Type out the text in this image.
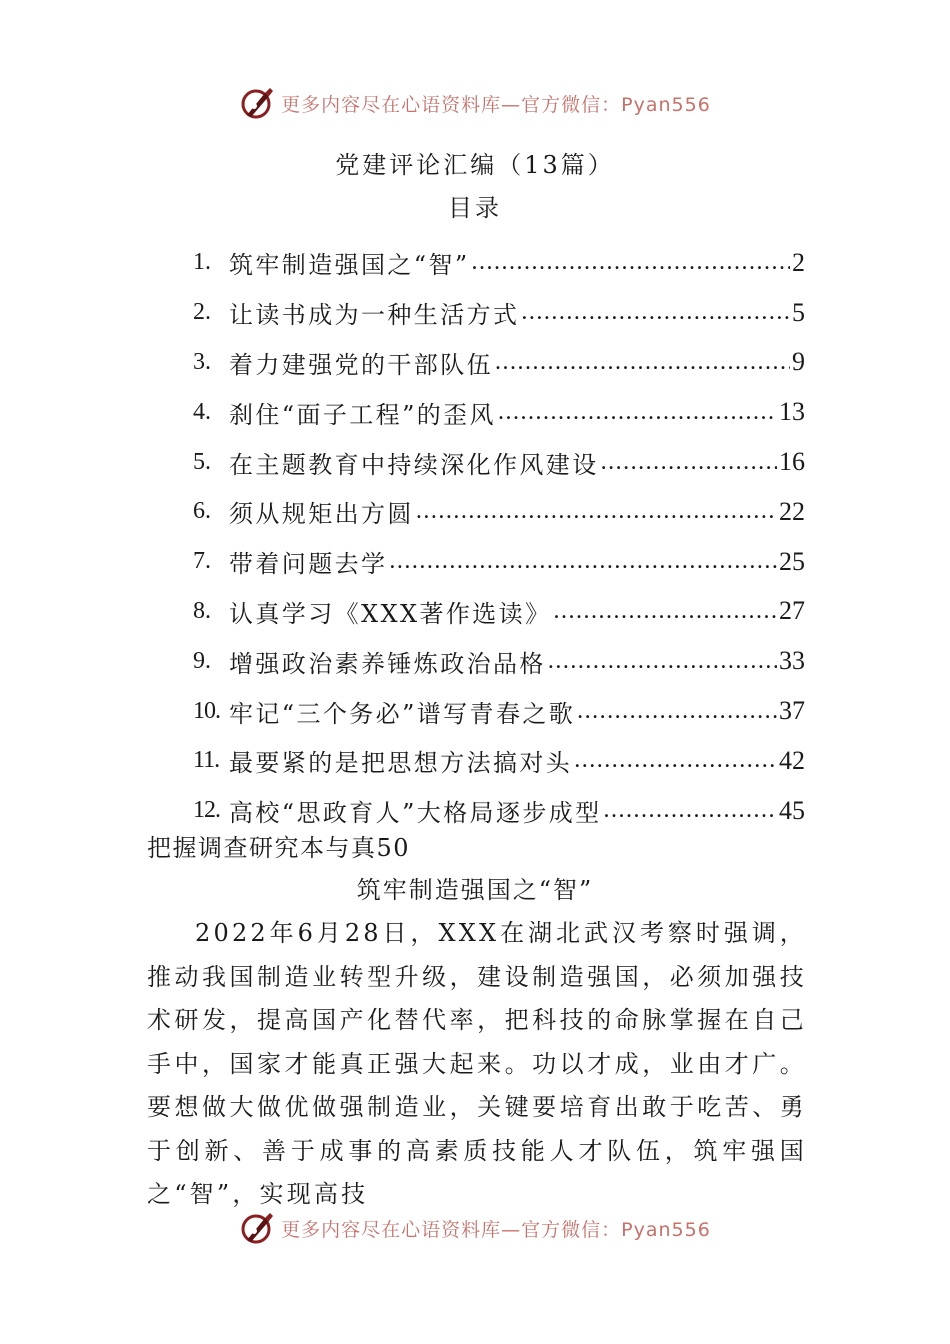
更多内容尽在心语资料库—官方微信：Pyan556
党建评论汇编（13篇）
目录
1. 筑牢制造强国之“智” .....	2
2. 让读书成为一种生活方式 .....	5
3. 着力建强党的干部队伍 .....	9
4. 刹住“面子工程”的歪风 .....	13
5. 在主题教育中持续深化作风建设 .....	16
6. 须从规矩出方圆 .....	22
7. 带着问题去学 .....	25
8. 认真学习《XXX著作选读》 .....	27
9. 增强政治素养锤炼政治品格 .....	33
10. 牢记“三个务必”谱写青春之歌 .....	37
11. 最要紧的是把思想方法搞对头 .....	42
12. 高校“思政育人”大格局逐步成型 .....	45
把握调查研究本与真50
筑牢制造强国之“智”

2022年6月28日，XXX在湖北武汉考察时强调，推动我国制造业转型升级，建设制造强国，必须加强技术研发，提高国产化替代率，把科技的命脉掌握在自己手中，国家才能真正强大起来。功以才成，业由才广。要想做大做优做强制造业，关键要培育出敢于吃苦、勇于创新、善于成事的高素质技能人才队伍，筑牢强国之“智”，实现高技

更多内容尽在心语资料库—官方微信：Pyan556
